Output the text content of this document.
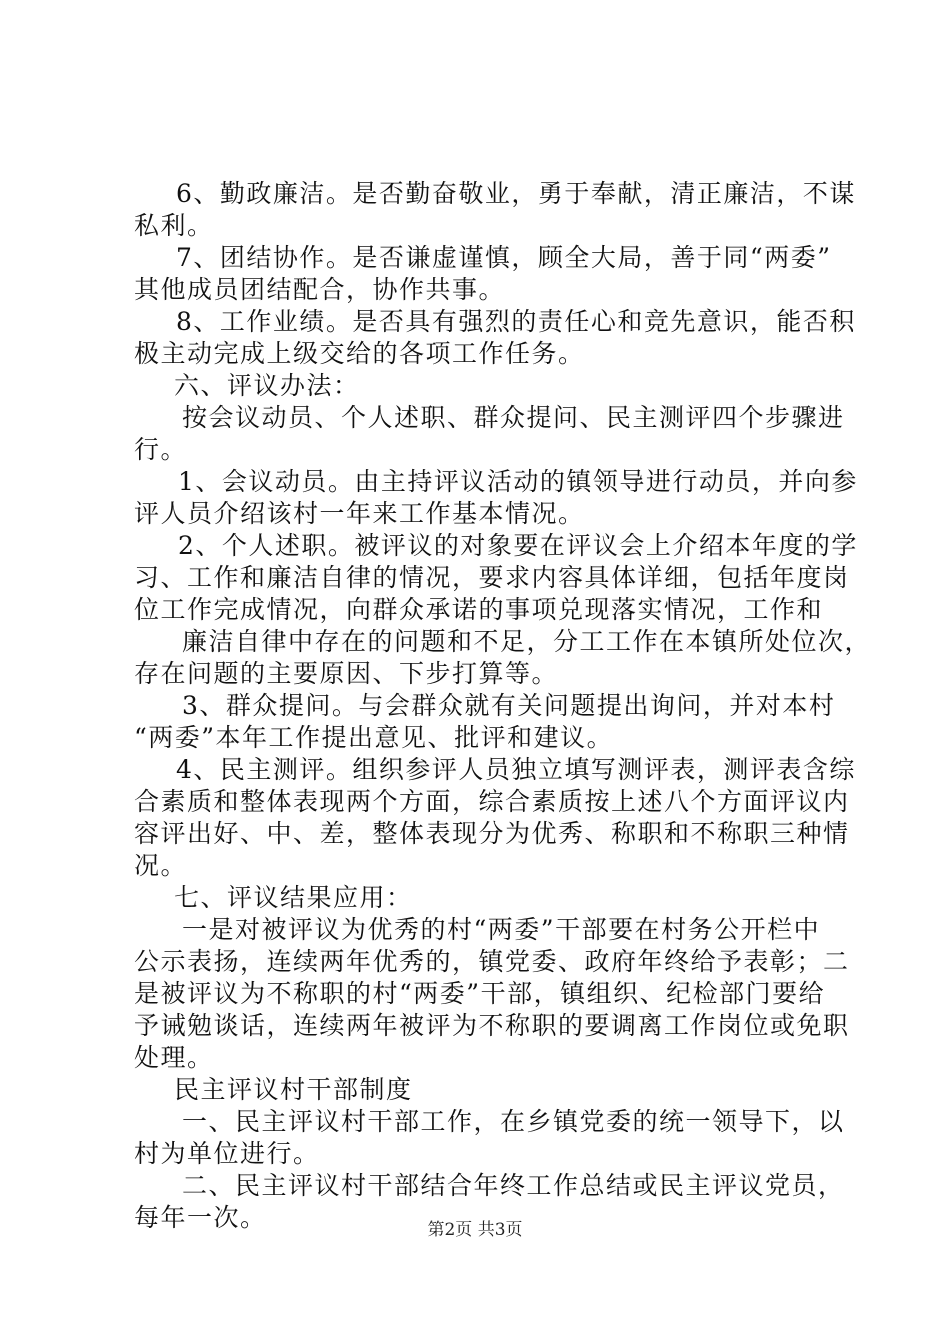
6、勤政廉洁。是否勤奋敬业，勇于奉献，清正廉洁，不谋
私利。
7、团结协作。是否谦虚谨慎，顾全大局，善于同“两委”
其他成员团结配合，协作共事。
8、工作业绩。是否具有强烈的责任心和竞先意识，能否积
极主动完成上级交给的各项工作任务。
六、评议办法：
按会议动员、个人述职、群众提问、民主测评四个步骤进
行。
1、会议动员。由主持评议活动的镇领导进行动员，并向参
评人员介绍该村一年来工作基本情况。
2、个人述职。被评议的对象要在评议会上介绍本年度的学
习、工作和廉洁自律的情况，要求内容具体详细，包括年度岗
位工作完成情况，向群众承诺的事项兑现落实情况，工作和
廉洁自律中存在的问题和不足，分工工作在本镇所处位次，
存在问题的主要原因、下步打算等。
3、群众提问。与会群众就有关问题提出询问，并对本村
“两委”本年工作提出意见、批评和建议。
4、民主测评。组织参评人员独立填写测评表，测评表含综
合素质和整体表现两个方面，综合素质按上述八个方面评议内
容评出好、中、差，整体表现分为优秀、称职和不称职三种情
况。
七、评议结果应用：
一是对被评议为优秀的村“两委”干部要在村务公开栏中
公示表扬，连续两年优秀的，镇党委、政府年终给予表彰；二
是被评议为不称职的村“两委”干部，镇组织、纪检部门要给
予诫勉谈话，连续两年被评为不称职的要调离工作岗位或免职
处理。
民主评议村干部制度
一、民主评议村干部工作，在乡镇党委的统一领导下，以
村为单位进行。
二、民主评议村干部结合年终工作总结或民主评议党员，
每年一次。	第2页 共3页
